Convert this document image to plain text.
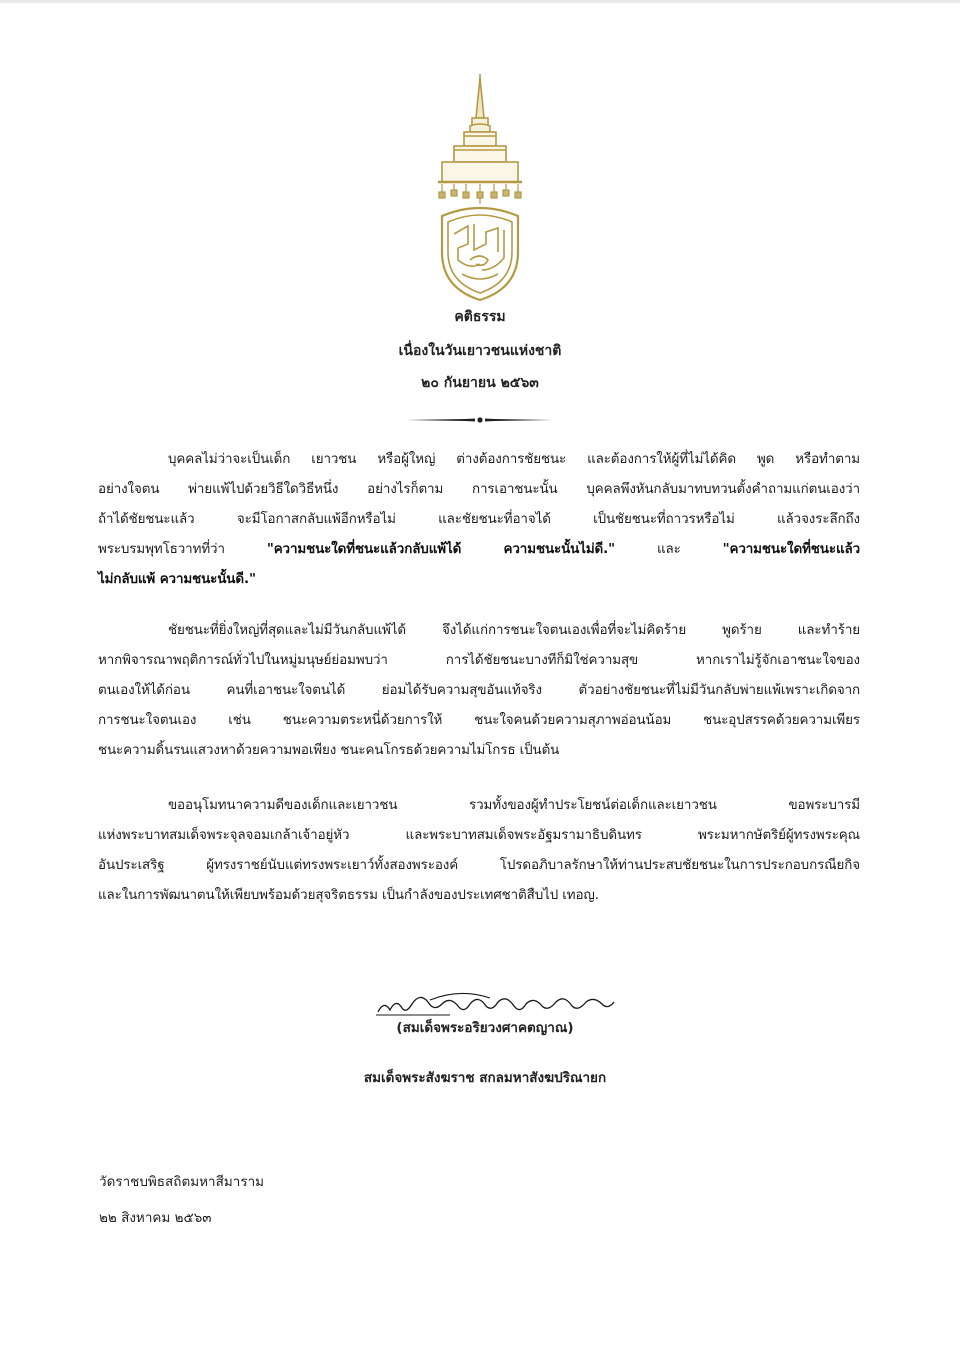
คติธรรม
เนื่องในวันเยาวชนแห่งชาติ
๒๐ กันยายน ๒๕๖๓
บุคคลไม่ว่าจะเป็นเด็ก เยาวชน หรือผู้ใหญ่ ต่างต้องการชัยชนะ และต้องการให้ผู้ที่ไม่ได้คิด พูด หรือทำตาม
อย่างใจตน พ่ายแพ้ไปด้วยวิธีใดวิธีหนึ่ง อย่างไรก็ตาม การเอาชนะนั้น บุคคลพึงหันกลับมาทบทวนตั้งคำถามแก่ตนเองว่า
ถ้าได้ชัยชนะแล้ว จะมีโอกาสกลับแพ้อีกหรือไม่ และชัยชนะที่อาจได้ เป็นชัยชนะที่ถาวรหรือไม่ แล้วจงระลึกถึง
พระบรมพุทโธวาทที่ว่า "ความชนะใดที่ชนะแล้วกลับแพ้ได้ ความชนะนั้นไม่ดี." และ "ความชนะใดที่ชนะแล้ว
ไม่กลับแพ้ ความชนะนั้นดี."
ชัยชนะที่ยิ่งใหญ่ที่สุดและไม่มีวันกลับแพ้ได้ จึงได้แก่การชนะใจตนเองเพื่อที่จะไม่คิดร้าย พูดร้าย และทำร้าย
หากพิจารณาพฤติการณ์ทั่วไปในหมู่มนุษย์ย่อมพบว่า การได้ชัยชนะบางทีก็มิใช่ความสุข หากเราไม่รู้จักเอาชนะใจของ
ตนเองให้ได้ก่อน คนที่เอาชนะใจตนได้ ย่อมได้รับความสุขอันแท้จริง ตัวอย่างชัยชนะที่ไม่มีวันกลับพ่ายแพ้เพราะเกิดจาก
การชนะใจตนเอง เช่น ชนะความตระหนี่ด้วยการให้ ชนะใจคนด้วยความสุภาพอ่อนน้อม ชนะอุปสรรคด้วยความเพียร
ชนะความดิ้นรนแสวงหาด้วยความพอเพียง ชนะคนโกรธด้วยความไม่โกรธ เป็นต้น
ขออนุโมทนาความดีของเด็กและเยาวชน รวมทั้งของผู้ทำประโยชน์ต่อเด็กและเยาวชน ขอพระบารมี
แห่งพระบาทสมเด็จพระจุลจอมเกล้าเจ้าอยู่หัว และพระบาทสมเด็จพระอัฐมรามาธิบดินทร พระมหากษัตริย์ผู้ทรงพระคุณ
อันประเสริฐ ผู้ทรงราชย์นับแต่ทรงพระเยาว์ทั้งสองพระองค์ โปรดอภิบาลรักษาให้ท่านประสบชัยชนะในการประกอบกรณียกิจ
และในการพัฒนาตนให้เพียบพร้อมด้วยสุจริตธรรม เป็นกำลังของประเทศชาติสืบไป เทอญ.
(สมเด็จพระอริยวงศาคตญาณ)
สมเด็จพระสังฆราช สกลมหาสังฆปริณายก
วัดราชบพิธสถิตมหาสีมาราม
๒๒ สิงหาคม ๒๕๖๓
